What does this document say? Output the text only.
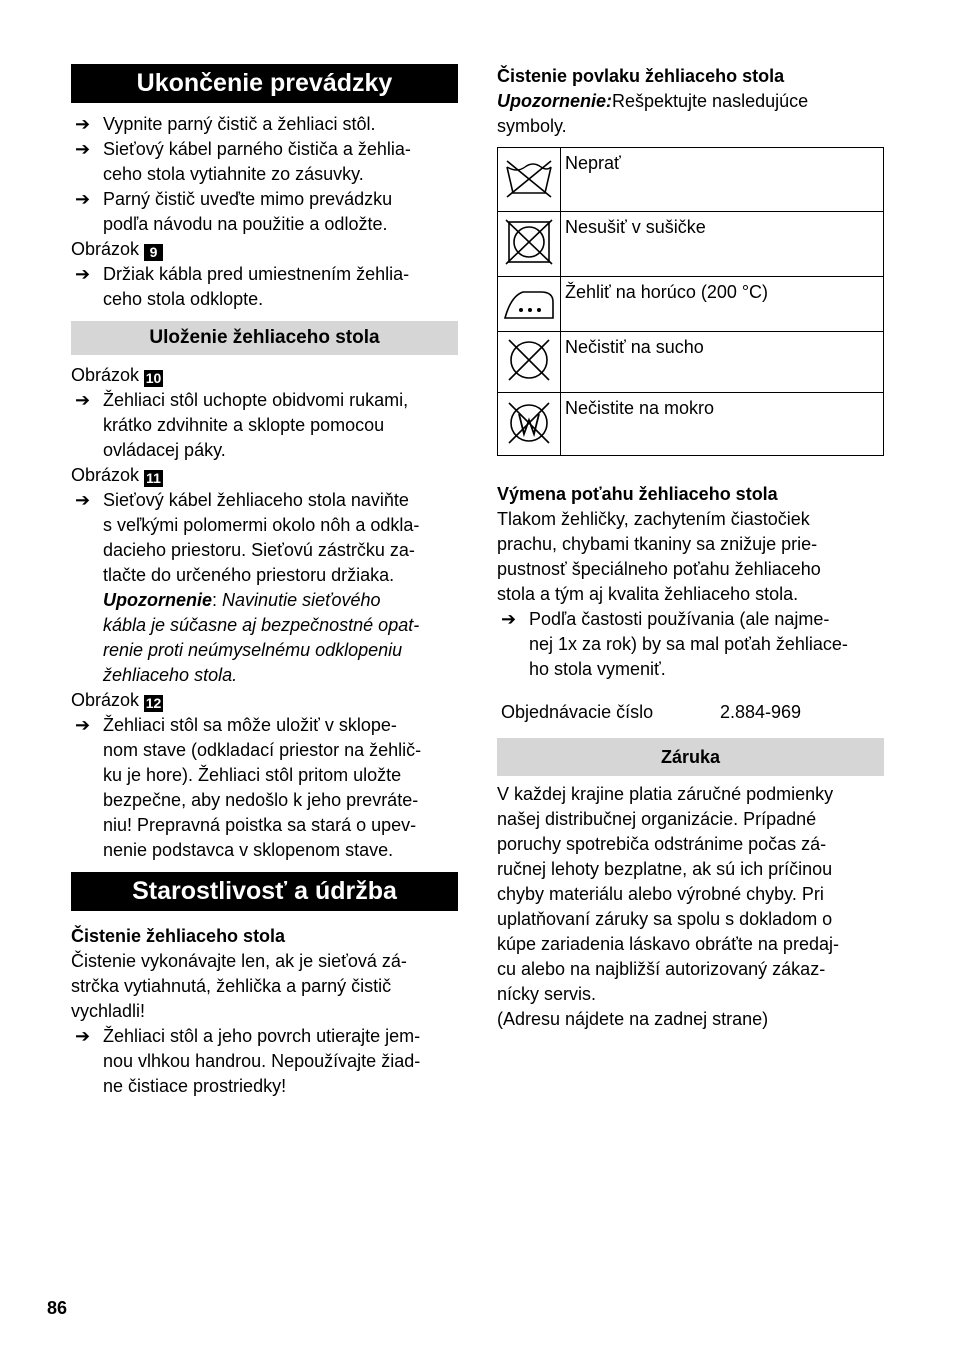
Ukončenie prevádzky

➔ Vypnite parný čistič a žehliaci stôl.

➔ Sieťový kábel parného čističa a žehlia-
ceho stola vytiahnite zo zásuvky.

➔ Parný čistič uveďte mimo prevádzku
podľa návodu na použitie a odložte.

Obrázok 9

➔ Držiak kábla pred umiestnením žehlia-
ceho stola odklopte.

Uloženie žehliaceho stola

Obrázok 10

➔ Žehliaci stôl uchopte obidvomi rukami,
krátko zdvihnite a sklopte pomocou
ovládacej páky.

Obrázok 11

➔ Sieťový kábel žehliaceho stola naviňte
s veľkými polomermi okolo nôh a odkla-
dacieho priestoru. Sieťovú zástrčku za-
tlačte do určeného priestoru držiaka.

Upozornenie: Navinutie sieťového
kábla je súčasne aj bezpečnostné opat-
renie proti neúmyselnému odklopeniu
žehliaceho stola.

Obrázok 12

➔ Žehliaci stôl sa môže uložiť v sklope-
nom stave (odkladací priestor na žehlič-
ku je hore). Žehliaci stôl pritom uložte
bezpečne, aby nedošlo k jeho prevráte-
niu! Prepravná poistka sa stará o upev-
nenie podstavca v sklopenom stave.

Starostlivosť a údržba

Čistenie žehliaceho stola

Čistenie vykonávajte len, ak je sieťová zá-
strčka vytiahnutá, žehlička a parný čistič
vychladli!

➔ Žehliaci stôl a jeho povrch utierajte jem-
nou vlhkou handrou. Nepoužívajte žiad-
ne čistiace prostriedky!

Čistenie povlaku žehliaceho stola

Upozornenie:Rešpektujte nasledujúce
symboly.

	Neprať
	Nesušiť v sušičke
	Žehliť na horúco (200 °C)
	Nečistiť na sucho
	Nečistite na mokro

Výmena poťahu žehliaceho stola

Tlakom žehličky, zachytením čiastočiek
prachu, chybami tkaniny sa znižuje prie-
pustnosť špeciálneho poťahu žehliaceho
stola a tým aj kvalita žehliaceho stola.

➔ Podľa častosti používania (ale najme-
nej 1x za rok) by sa mal poťah žehliace-
ho stola vymeniť.

Objednávacie číslo	2.884-969
Záruka

V každej krajine platia záručné podmienky
našej distribučnej organizácie. Prípadné
poruchy spotrebiča odstránime počas zá-
ručnej lehoty bezplatne, ak sú ich príčinou
chyby materiálu alebo výrobné chyby. Pri
uplatňovaní záruky sa spolu s dokladom o
kúpe zariadenia láskavo obráťte na predaj-
cu alebo na najbližší autorizovaný zákaz-
nícky servis.
(Adresu nájdete na zadnej strane)

86
